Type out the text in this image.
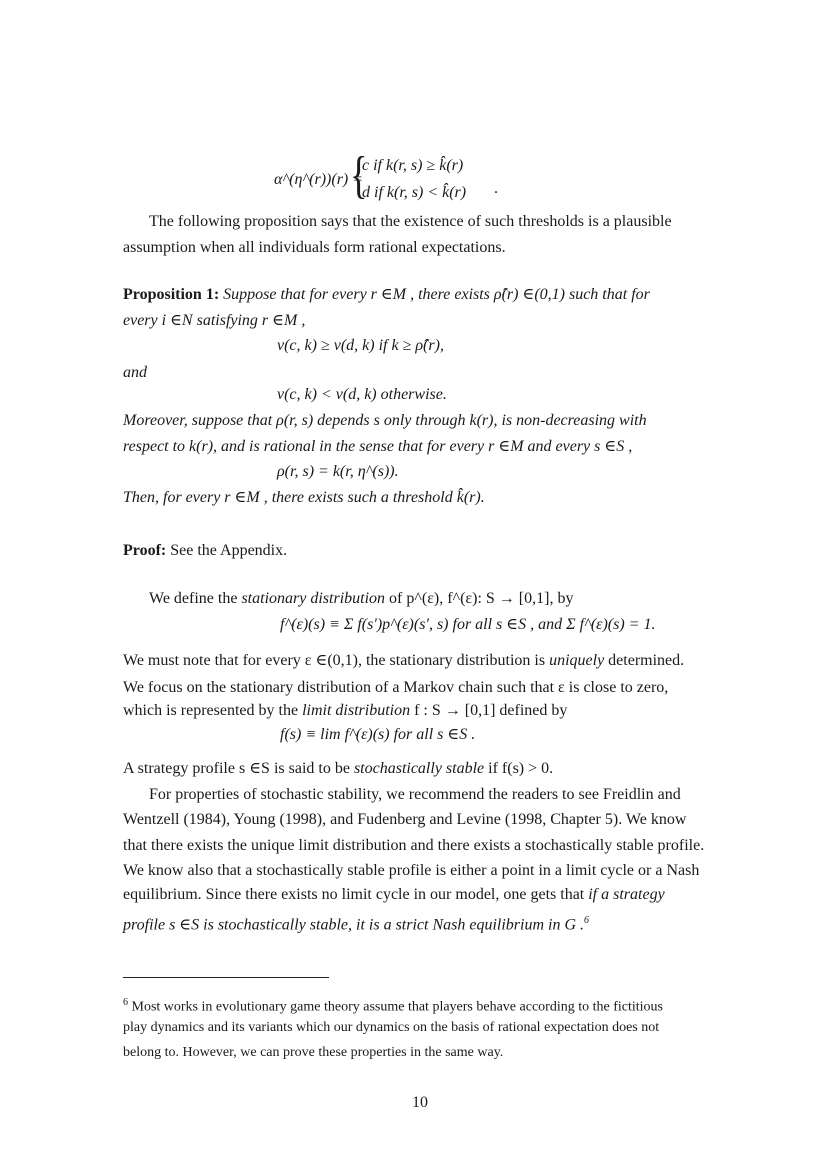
α^(η^(r))(r) =
{
c if k(r, s) ≥ k̂(r)
d if k(r, s) < k̂(r) .
The following proposition says that the existence of such thresholds is a plausible
assumption when all individuals form rational expectations.
Proposition 1: Suppose that for every r ∈M , there exists ρ̂(r) ∈(0,1) such that for
every i ∈N satisfying r ∈M ,
v(c, k) ≥ v(d, k) if k ≥ ρ̂(r),
and
v(c, k) < v(d, k) otherwise.
Moreover, suppose that ρ(r, s) depends s only through k(r), is non-decreasing with
respect to k(r), and is rational in the sense that for every r ∈M and every s ∈S ,
ρ(r, s) = k(r, η^(s)).
Then, for every r ∈M , there exists such a threshold k̂(r).
Proof: See the Appendix.
We define the stationary distribution of p^(ε), f^(ε): S → [0,1], by
f^(ε)(s) ≡ Σ f(s′)p^(ε)(s′, s) for all s ∈S , and Σ f^(ε)(s) = 1.
We must note that for every ε ∈(0,1), the stationary distribution is uniquely determined.
We focus on the stationary distribution of a Markov chain such that ε is close to zero,
which is represented by the limit distribution f : S → [0,1] defined by
f(s) ≡ lim f^(ε)(s) for all s ∈S .
A strategy profile s ∈S is said to be stochastically stable if f(s) > 0.
For properties of stochastic stability, we recommend the readers to see Freidlin and
Wentzell (1984), Young (1998), and Fudenberg and Levine (1998, Chapter 5). We know
that there exists the unique limit distribution and there exists a stochastically stable profile.
We know also that a stochastically stable profile is either a point in a limit cycle or a Nash
equilibrium. Since there exists no limit cycle in our model, one gets that if a strategy
profile s ∈S is stochastically stable, it is a strict Nash equilibrium in G .$^6$
$^6$ Most works in evolutionary game theory assume that players behave according to the fictitious
play dynamics and its variants which our dynamics on the basis of rational expectation does not
belong to. However, we can prove these properties in the same way.
10
